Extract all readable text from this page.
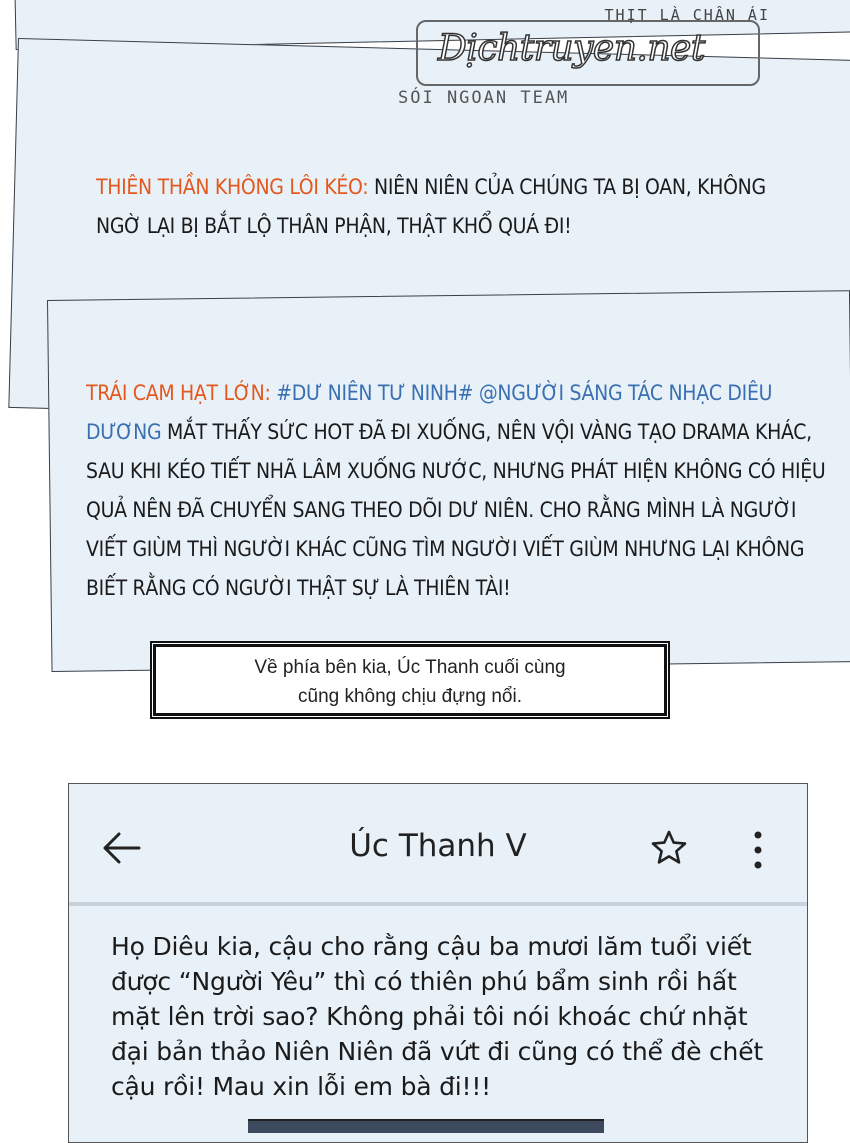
THỊT LÀ CHÂN ÁI
Dịchtruyen.net
SÓI NGOAN TEAM
THIÊN THẦN KHÔNG LÔI KÉO: NIÊN NIÊN CỦA CHÚNG TA BỊ OAN, KHÔNG NGỜ LẠI BỊ BẮT LỘ THÂN PHẬN, THẬT KHỔ QUÁ ĐI!
TRÁI CAM HẠT LỚN: #DƯ NIÊN TƯ NINH# @NGƯỜI SÁNG TÁC NHẠC DIÊU DƯƠNG MẮT THẤY SỨC HOT ĐÃ ĐI XUỐNG, NÊN VỘI VÀNG TẠO DRAMA KHÁC, SAU KHI KÉO TIẾT NHÃ LÂM XUỐNG NƯỚC, NHƯNG PHÁT HIỆN KHÔNG CÓ HIỆU QUẢ NÊN ĐÃ CHUYỂN SANG THEO DÕI DƯ NIÊN. CHO RẰNG MÌNH LÀ NGƯỜI VIẾT GIÙM THÌ NGƯỜI KHÁC CŨNG TÌM NGƯỜI VIẾT GIÙM NHƯNG LẠI KHÔNG BIẾT RẰNG CÓ NGƯỜI THẬT SỰ LÀ THIÊN TÀI!
Về phía bên kia, Úc Thanh cuối cùng
cũng không chịu đựng nổi.
Úc Thanh V
Họ Diêu kia, cậu cho rằng cậu ba mươi lăm tuổi viết được “Người Yêu” thì có thiên phú bẩm sinh rồi hất mặt lên trời sao? Không phải tôi nói khoác chứ nhặt đại bản thảo Niên Niên đã vứt đi cũng có thể đè chết cậu rồi! Mau xin lỗi em bà đi!!!
